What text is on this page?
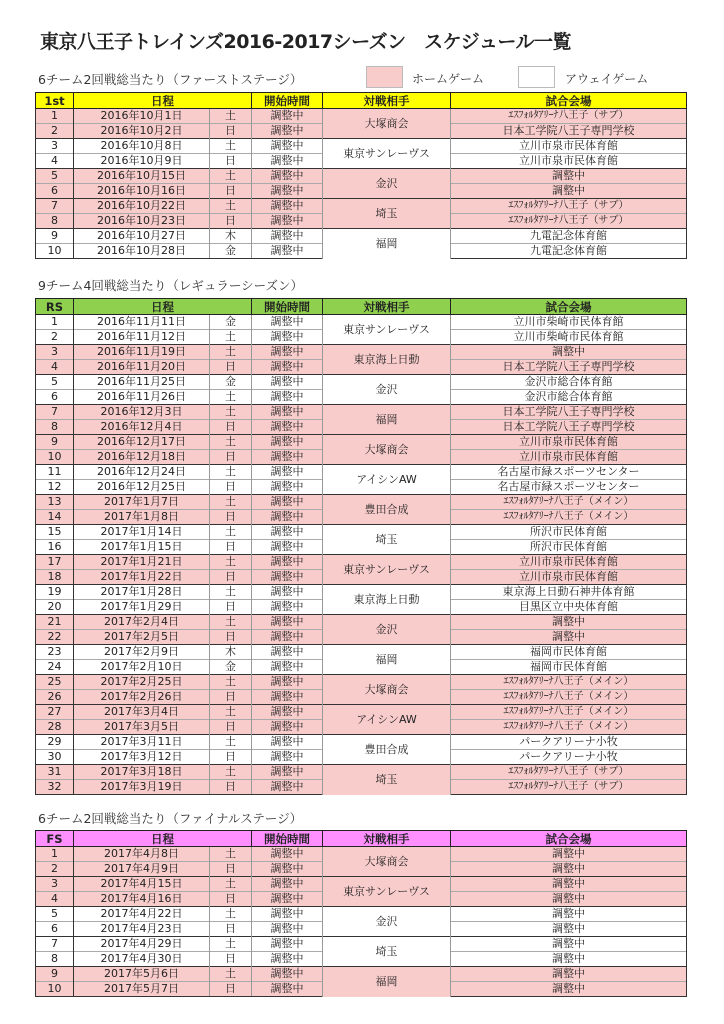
東京八王子トレインズ2016-2017シーズン　スケジュール一覧
6チーム2回戦総当たり（ファーストステージ）	ホームゲーム	アウェイゲーム
1st	日程		開始時間	対戦相手	試合会場
1	2016年10月1日	土	調整中	大塚商会	ｴｽﾌｫﾙﾀｱﾘｰﾅ八王子（サブ）
2	2016年10月2日	日	調整中		日本工学院八王子専門学校
3	2016年10月8日	土	調整中	東京サンレーヴス	立川市泉市民体育館
4	2016年10月9日	日	調整中		立川市泉市民体育館
5	2016年10月15日	土	調整中	金沢	調整中
6	2016年10月16日	日	調整中		調整中
7	2016年10月22日	土	調整中	埼玉	ｴｽﾌｫﾙﾀｱﾘｰﾅ八王子（サブ）
8	2016年10月23日	日	調整中		ｴｽﾌｫﾙﾀｱﾘｰﾅ八王子（サブ）
9	2016年10月27日	木	調整中	福岡	九電記念体育館
10	2016年10月28日	金	調整中		九電記念体育館
9チーム4回戦総当たり（レギュラーシーズン）
RS	日程		開始時間	対戦相手	試合会場
1	2016年11月11日	金	調整中	東京サンレーヴス	立川市柴崎市民体育館
2	2016年11月12日	土	調整中		立川市柴崎市民体育館
3	2016年11月19日	土	調整中	東京海上日動	調整中
4	2016年11月20日	日	調整中		日本工学院八王子専門学校
5	2016年11月25日	金	調整中	金沢	金沢市総合体育館
6	2016年11月26日	土	調整中		金沢市総合体育館
7	2016年12月3日	土	調整中	福岡	日本工学院八王子専門学校
8	2016年12月4日	日	調整中		日本工学院八王子専門学校
9	2016年12月17日	土	調整中	大塚商会	立川市泉市民体育館
10	2016年12月18日	日	調整中		立川市泉市民体育館
11	2016年12月24日	土	調整中	アイシンAW	名古屋市緑スポーツセンター
12	2016年12月25日	日	調整中		名古屋市緑スポーツセンター
13	2017年1月7日	土	調整中	豊田合成	ｴｽﾌｫﾙﾀｱﾘｰﾅ八王子（メイン）
14	2017年1月8日	日	調整中		ｴｽﾌｫﾙﾀｱﾘｰﾅ八王子（メイン）
15	2017年1月14日	土	調整中	埼玉	所沢市民体育館
16	2017年1月15日	日	調整中		所沢市民体育館
17	2017年1月21日	土	調整中	東京サンレーヴス	立川市泉市民体育館
18	2017年1月22日	日	調整中		立川市泉市民体育館
19	2017年1月28日	土	調整中	東京海上日動	東京海上日動石神井体育館
20	2017年1月29日	日	調整中		目黒区立中央体育館
21	2017年2月4日	土	調整中	金沢	調整中
22	2017年2月5日	日	調整中		調整中
23	2017年2月9日	木	調整中	福岡	福岡市民体育館
24	2017年2月10日	金	調整中		福岡市民体育館
25	2017年2月25日	土	調整中	大塚商会	ｴｽﾌｫﾙﾀｱﾘｰﾅ八王子（メイン）
26	2017年2月26日	日	調整中		ｴｽﾌｫﾙﾀｱﾘｰﾅ八王子（メイン）
27	2017年3月4日	土	調整中	アイシンAW	ｴｽﾌｫﾙﾀｱﾘｰﾅ八王子（メイン）
28	2017年3月5日	日	調整中		ｴｽﾌｫﾙﾀｱﾘｰﾅ八王子（メイン）
29	2017年3月11日	土	調整中	豊田合成	パークアリーナ小牧
30	2017年3月12日	日	調整中		パークアリーナ小牧
31	2017年3月18日	土	調整中	埼玉	ｴｽﾌｫﾙﾀｱﾘｰﾅ八王子（サブ）
32	2017年3月19日	日	調整中		ｴｽﾌｫﾙﾀｱﾘｰﾅ八王子（サブ）
6チーム2回戦総当たり（ファイナルステージ）
FS	日程		開始時間	対戦相手	試合会場
1	2017年4月8日	土	調整中	大塚商会	調整中
2	2017年4月9日	日	調整中		調整中
3	2017年4月15日	土	調整中	東京サンレーヴス	調整中
4	2017年4月16日	日	調整中		調整中
5	2017年4月22日	土	調整中	金沢	調整中
6	2017年4月23日	日	調整中		調整中
7	2017年4月29日	土	調整中	埼玉	調整中
8	2017年4月30日	日	調整中		調整中
9	2017年5月6日	土	調整中	福岡	調整中
10	2017年5月7日	日	調整中		調整中
